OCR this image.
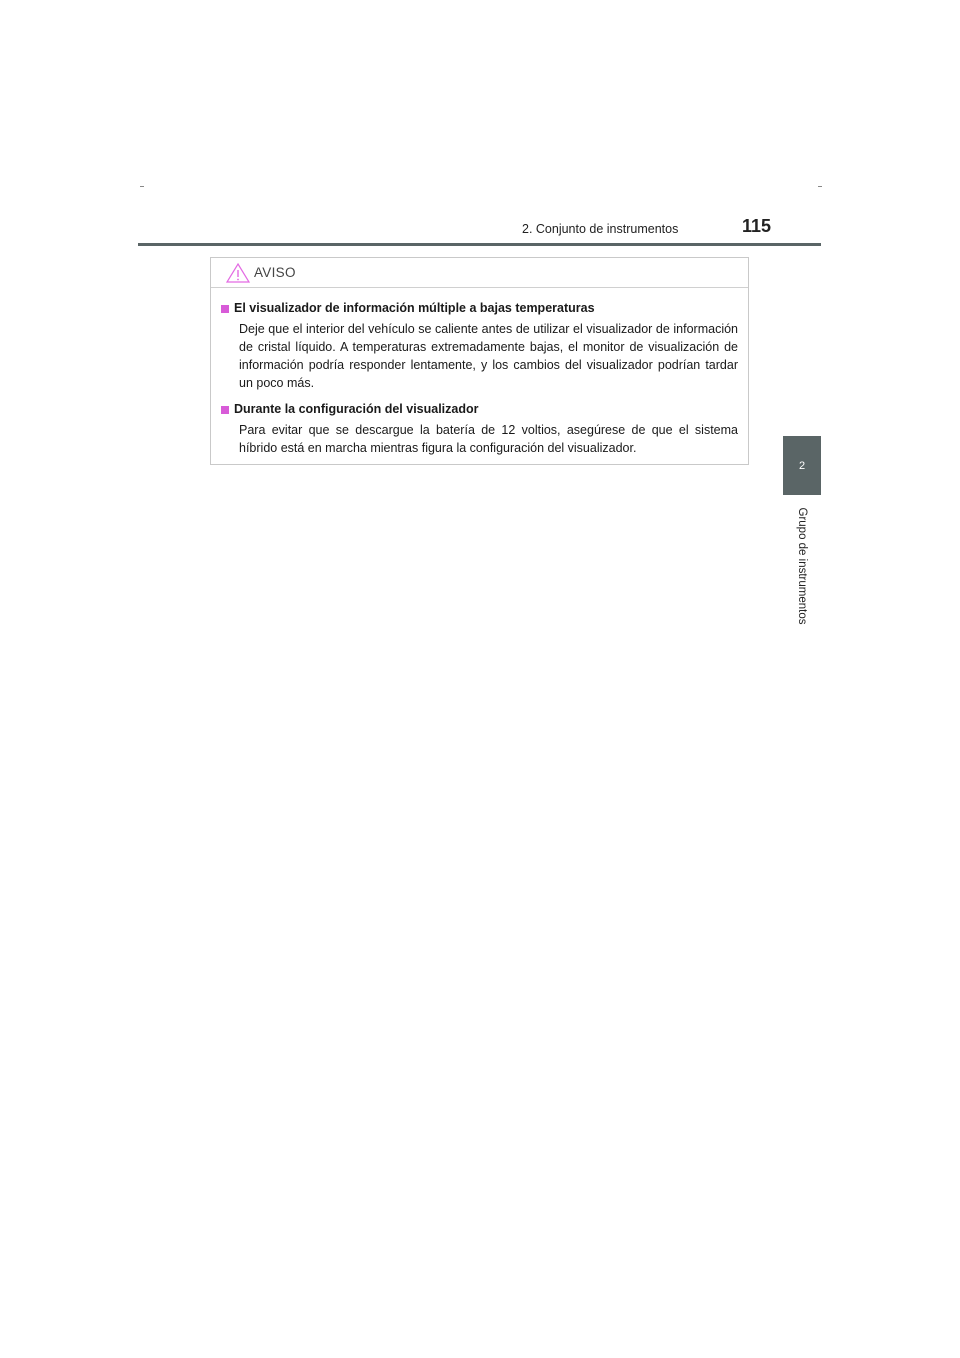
2. Conjunto de instrumentos	115
2
Grupo de instrumentos
AVISO
El visualizador de información múltiple a bajas temperaturas
Deje que el interior del vehículo se caliente antes de utilizar el visualizador de información de cristal líquido. A temperaturas extremadamente bajas, el monitor de visualización de información podría responder lentamente, y los cambios del visualizador podrían tardar un poco más.
Durante la configuración del visualizador
Para evitar que se descargue la batería de 12 voltios, asegúrese de que el sistema híbrido está en marcha mientras figura la configuración del visualizador.
